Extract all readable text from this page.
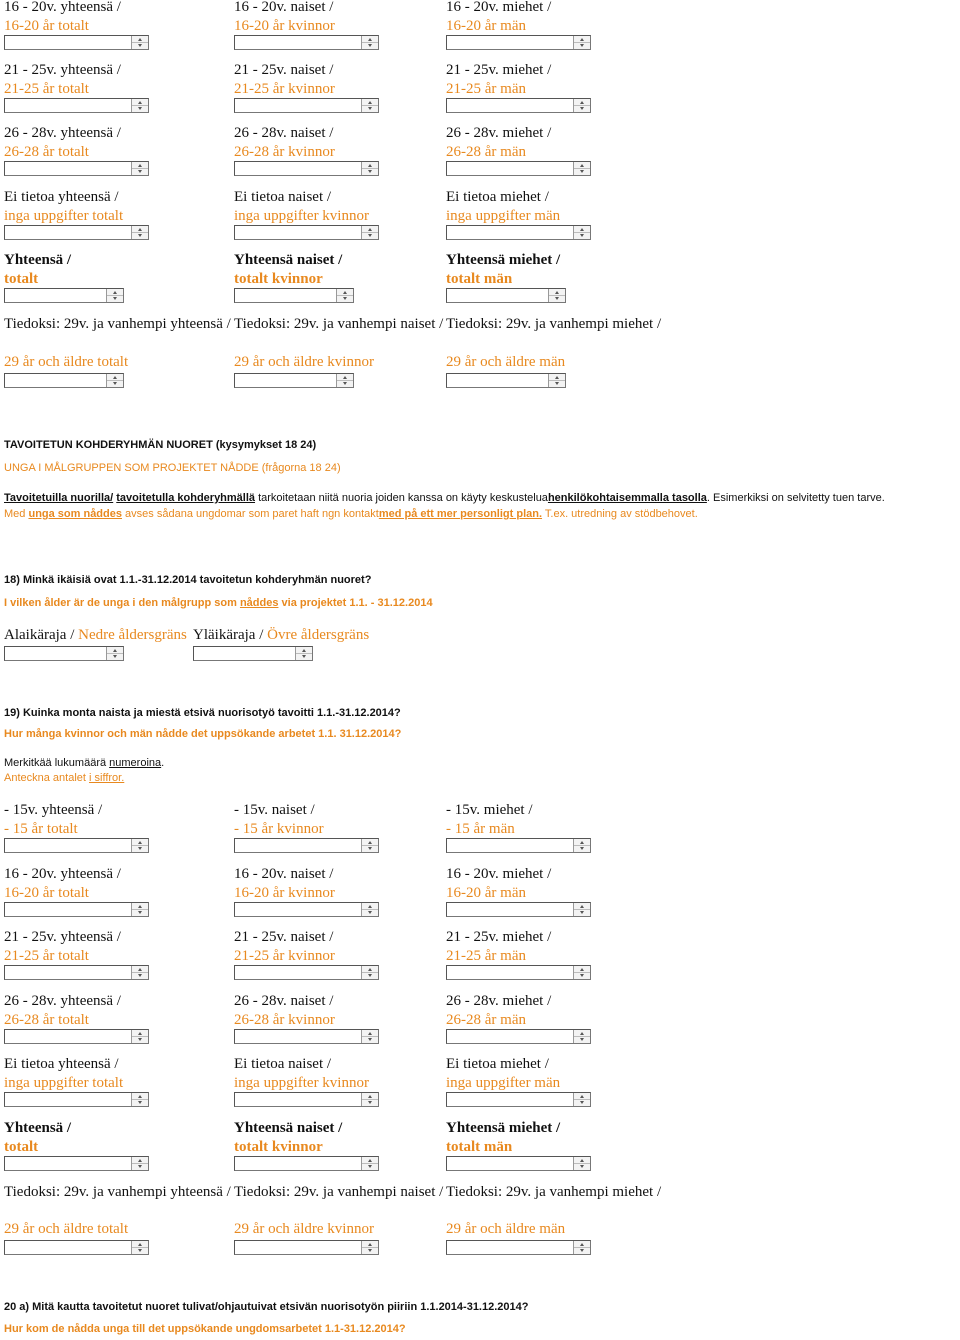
16 - 20v. yhteensä /
16-20 år totalt
16 - 20v. naiset /
16-20 år kvinnor
16 - 20v. miehet /
16-20 år män
21 - 25v. yhteensä /
21-25 år totalt
21 - 25v. naiset /
21-25 år kvinnor
21 - 25v. miehet /
21-25 år män
26 - 28v. yhteensä /
26-28 år totalt
26 - 28v. naiset /
26-28 år kvinnor
26 - 28v. miehet /
26-28 år män
Ei tietoa yhteensä /
inga uppgifter totalt
Ei tietoa naiset /
inga uppgifter kvinnor
Ei tietoa miehet /
inga uppgifter män
Yhteensä /
totalt
Yhteensä naiset /
totalt kvinnor
Yhteensä miehet /
totalt män
Tiedoksi: 29v. ja vanhempi yhteensä /
29 år och äldre totalt
Tiedoksi: 29v. ja vanhempi naiset /
29 år och äldre kvinnor
Tiedoksi: 29v. ja vanhempi miehet /
29 år och äldre män
- 15v. yhteensä /
- 15 år totalt
- 15v. naiset /
- 15 år kvinnor
- 15v. miehet /
- 15 år män
16 - 20v. yhteensä /
16-20 år totalt
16 - 20v. naiset /
16-20 år kvinnor
16 - 20v. miehet /
16-20 år män
21 - 25v. yhteensä /
21-25 år totalt
21 - 25v. naiset /
21-25 år kvinnor
21 - 25v. miehet /
21-25 år män
26 - 28v. yhteensä /
26-28 år totalt
26 - 28v. naiset /
26-28 år kvinnor
26 - 28v. miehet /
26-28 år män
Ei tietoa yhteensä /
inga uppgifter totalt
Ei tietoa naiset /
inga uppgifter kvinnor
Ei tietoa miehet /
inga uppgifter män
Yhteensä /
totalt
Yhteensä naiset /
totalt kvinnor
Yhteensä miehet /
totalt män
Tiedoksi: 29v. ja vanhempi yhteensä /
29 år och äldre totalt
Tiedoksi: 29v. ja vanhempi naiset /
29 år och äldre kvinnor
Tiedoksi: 29v. ja vanhempi miehet /
29 år och äldre män
TAVOITETUN KOHDERYHMÄN NUORET (kysymykset 18 24)
UNGA I MÅLGRUPPEN SOM PROJEKTET NÅDDE (frågorna 18 24)
Tavoitetuilla nuorilla/ tavoitetulla kohderyhmällä tarkoitetaan niitä nuoria joiden kanssa on käyty keskusteluahenkilökohtaisemmalla tasolla. Esimerkiksi on selvitetty tuen tarve.
Med unga som nåddes avses sådana ungdomar som paret haft ngn kontaktmed på ett mer personligt plan. T.ex. utredning av stödbehovet.
18) Minkä ikäisiä ovat 1.1.-31.12.2014 tavoitetun kohderyhmän nuoret?
I vilken ålder är de unga i den målgrupp som nåddes via projektet 1.1. - 31.12.2014
Alaikäraja / Nedre åldersgräns Yläikäraja / Övre åldersgräns
19) Kuinka monta naista ja miestä etsivä nuorisotyö tavoitti 1.1.-31.12.2014?
Hur många kvinnor och män nådde det uppsökande arbetet 1.1. 31.12.2014?
Merkitkää lukumäärä numeroina.
Anteckna antalet i siffror.
20 a) Mitä kautta tavoitetut nuoret tulivat/ohjautuivat etsivän nuorisotyön piiriin 1.1.2014-31.12.2014?
Hur kom de nådda unga till det uppsökande ungdomsarbetet 1.1-31.12.2014?
